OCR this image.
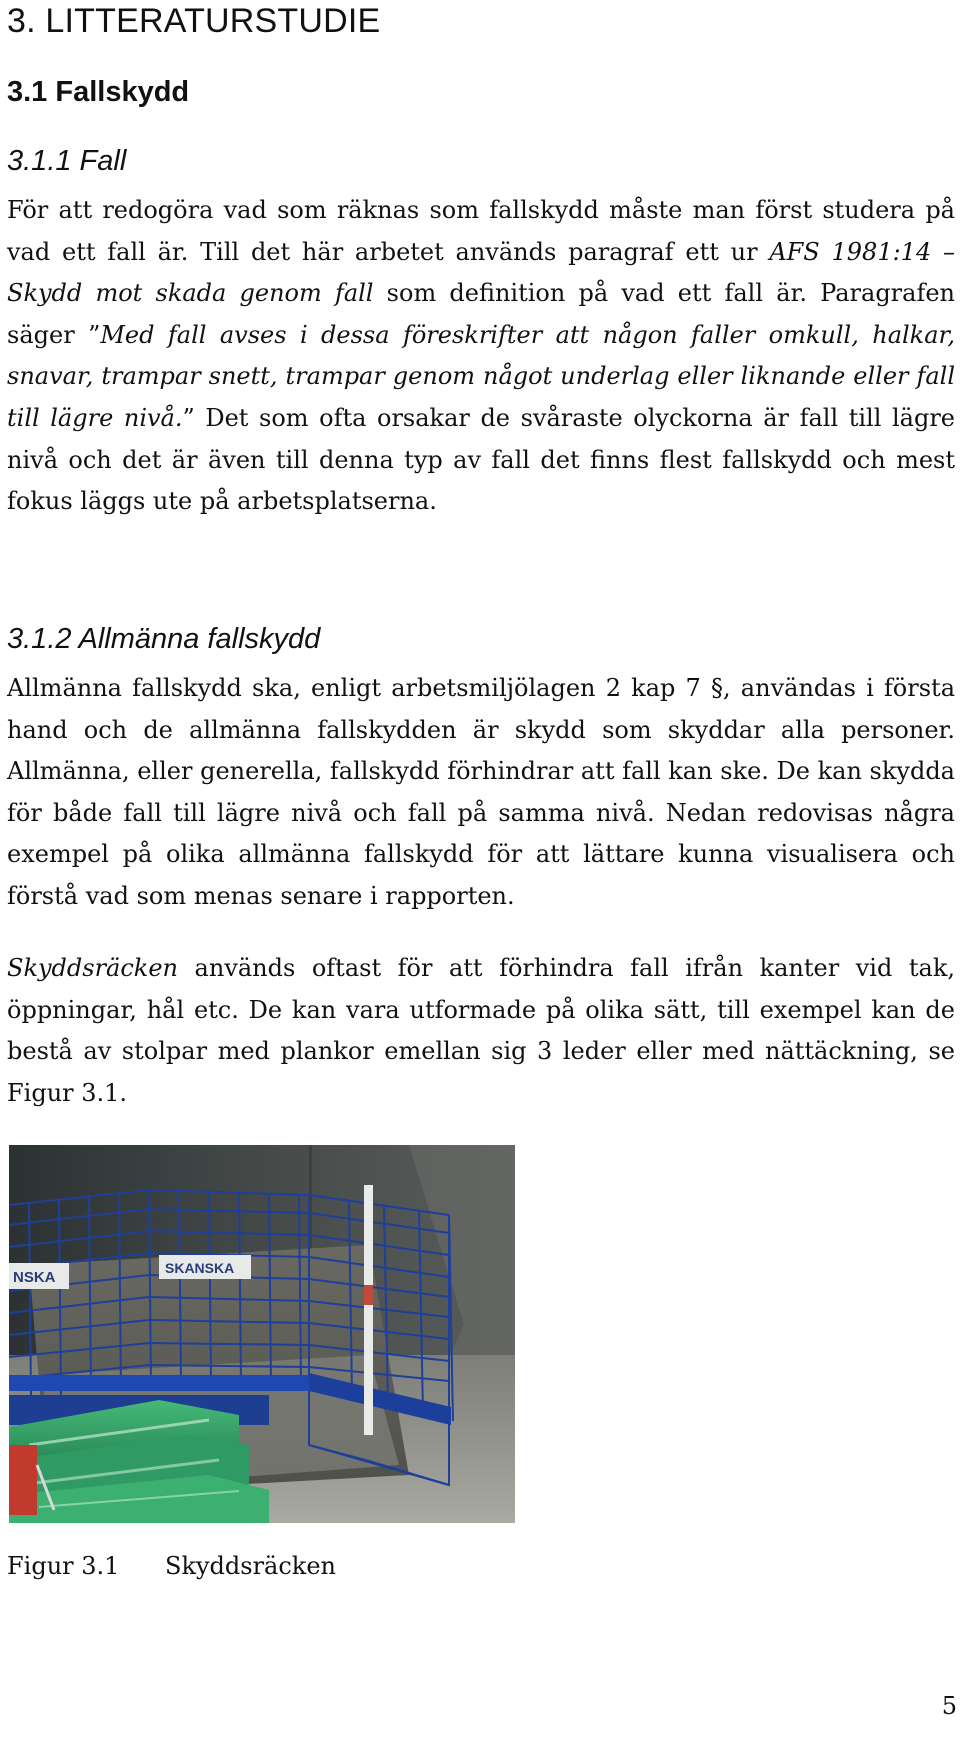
3. LITTERATURSTUDIE
3.1 Fallskydd
3.1.1 Fall

För att redogöra vad som räknas som fallskydd måste man först studera på vad ett fall är. Till det här arbetet används paragraf ett ur AFS 1981:14 – Skydd mot skada genom fall som definition på vad ett fall är. Paragrafen säger ”Med fall avses i dessa föreskrifter att någon faller omkull, halkar, snavar, trampar snett, trampar genom något underlag eller liknande eller fall till lägre nivå.” Det som ofta orsakar de svåraste olyckorna är fall till lägre nivå och det är även till denna typ av fall det finns flest fallskydd och mest fokus läggs ute på arbetsplatserna.

3.1.2 Allmänna fallskydd

Allmänna fallskydd ska, enligt arbetsmiljölagen 2 kap 7 §, användas i första hand och de allmänna fallskydden är skydd som skyddar alla personer. Allmänna, eller generella, fallskydd förhindrar att fall kan ske. De kan skydda för både fall till lägre nivå och fall på samma nivå. Nedan redovisas några exempel på olika allmänna fallskydd för att lättare kunna visualisera och förstå vad som menas senare i rapporten.

Skyddsräcken används oftast för att förhindra fall ifrån kanter vid tak, öppningar, hål etc. De kan vara utformade på olika sätt, till exempel kan de bestå av stolpar med plankor emellan sig 3 leder eller med nättäckning, se Figur 3.1.

NSKA
SKANSKA
Figur 3.1 Skyddsräcken
5
